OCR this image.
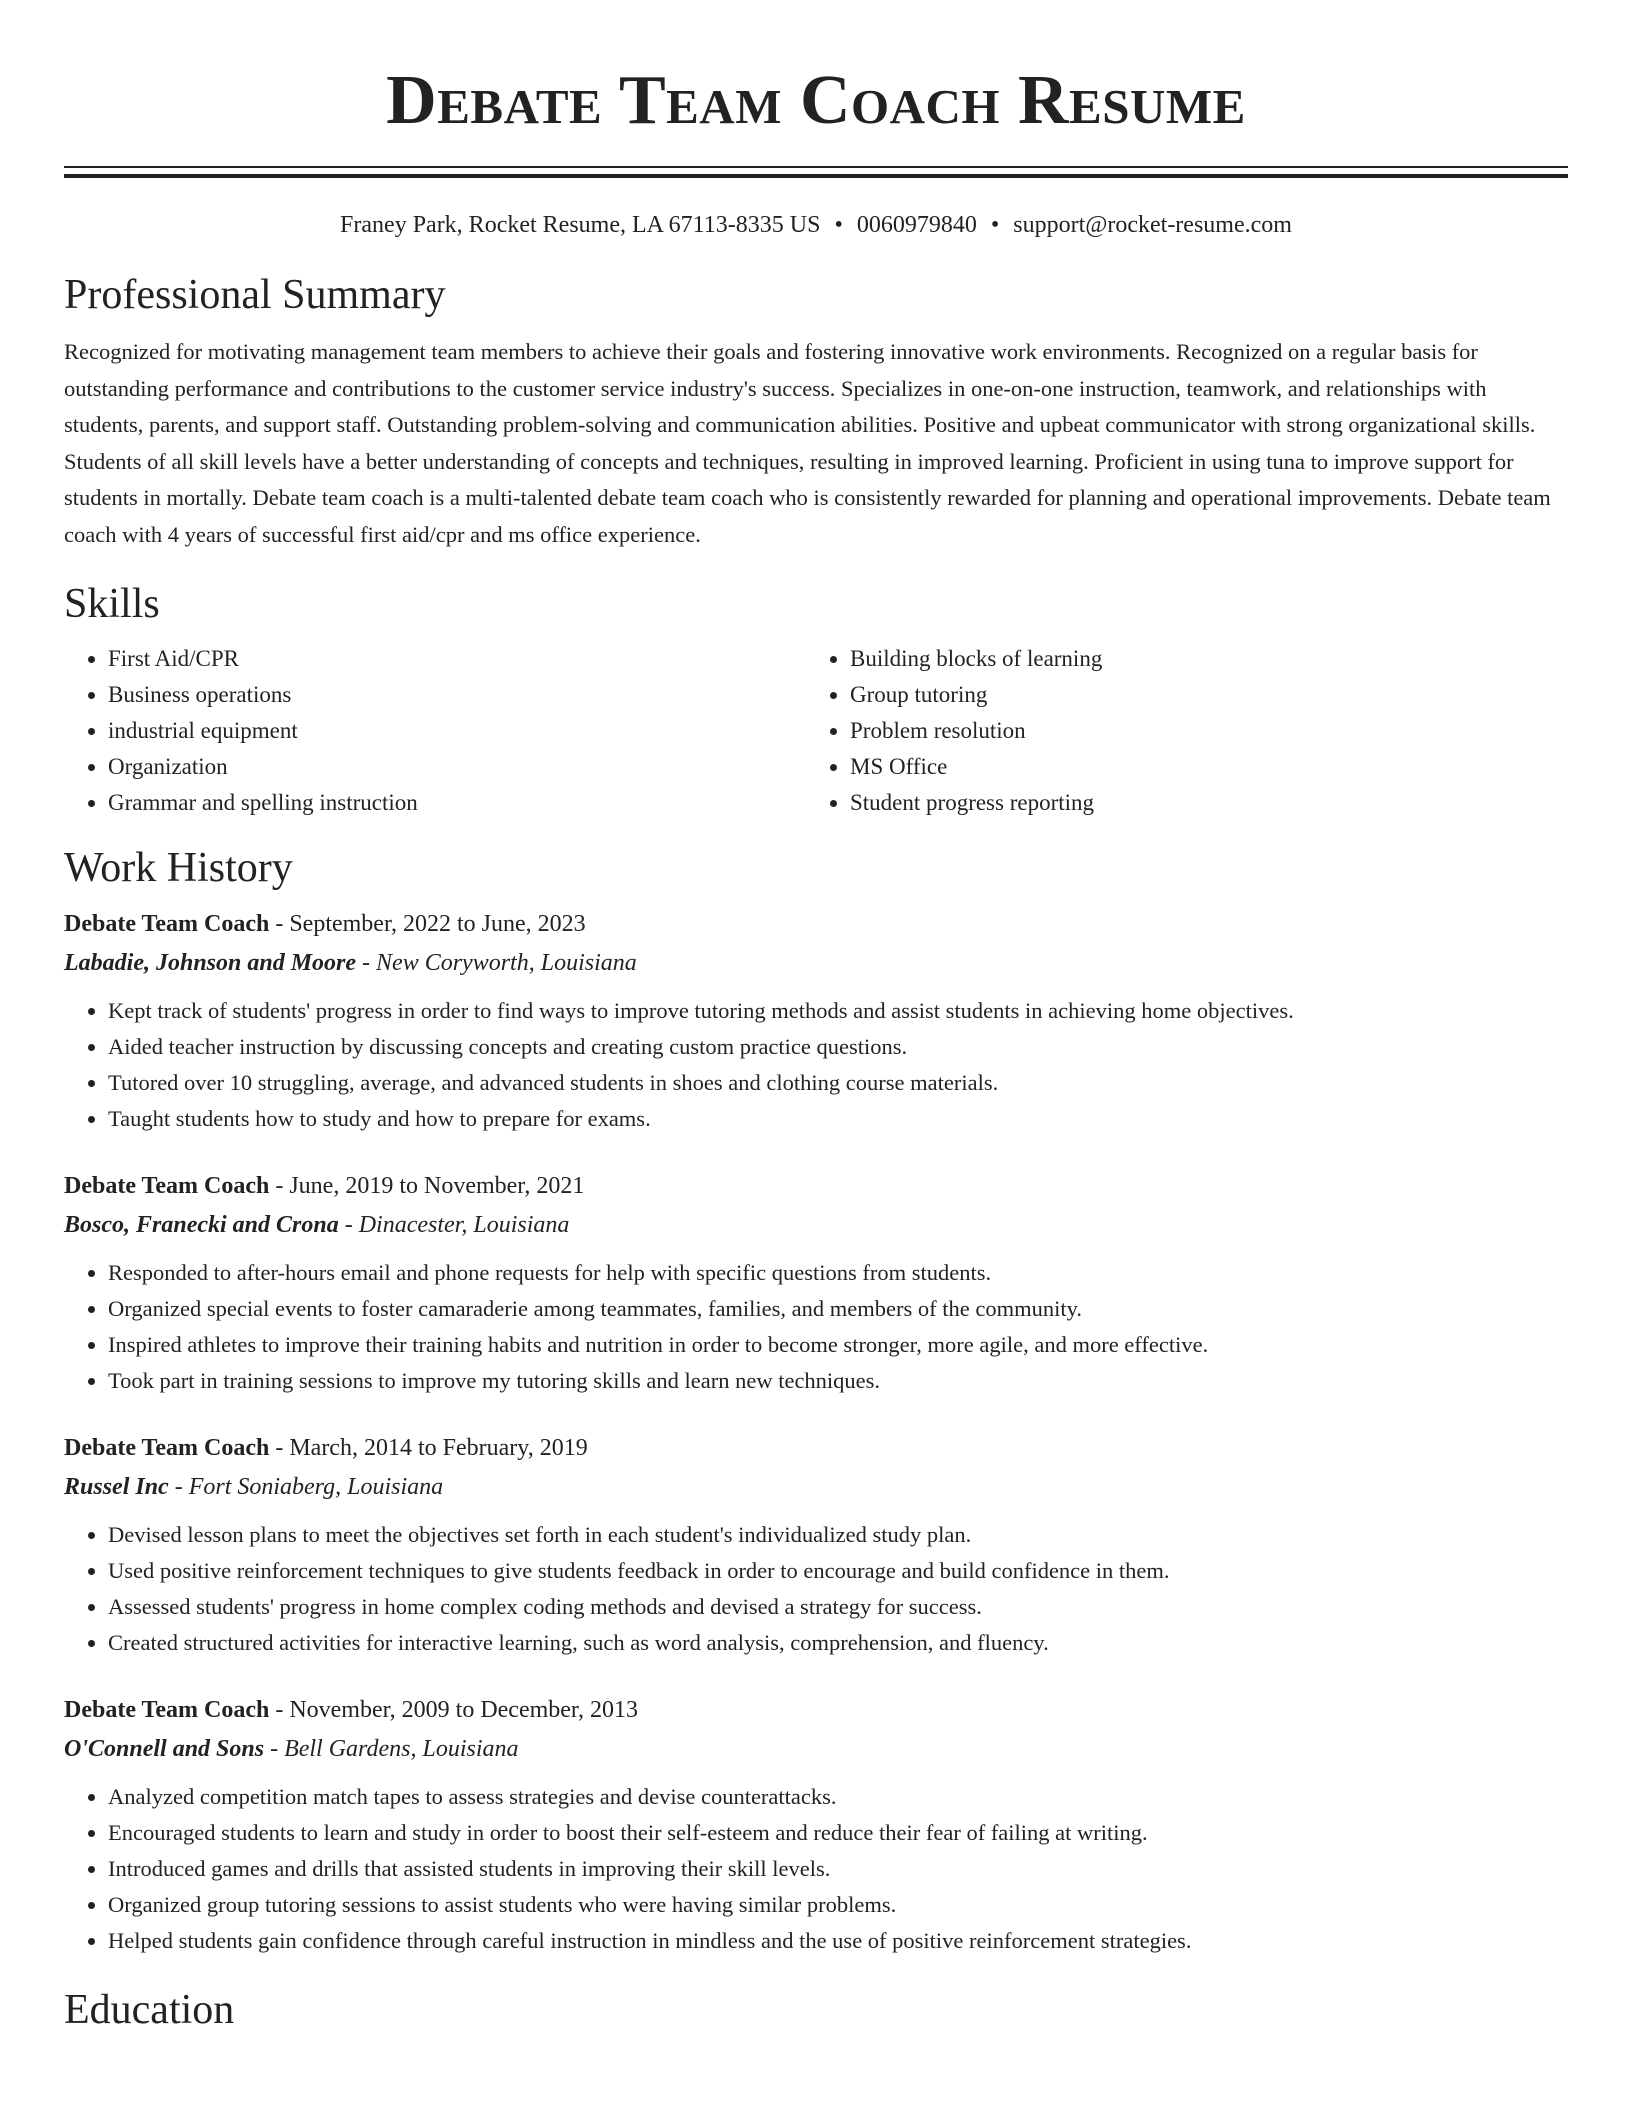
Debate Team Coach Resume
Franey Park, Rocket Resume, LA 67113-8335 US • 0060979840 • support@rocket-resume.com
Professional Summary
Recognized for motivating management team members to achieve their goals and fostering innovative work environments. Recognized on a regular basis for outstanding performance and contributions to the customer service industry's success. Specializes in one-on-one instruction, teamwork, and relationships with students, parents, and support staff. Outstanding problem-solving and communication abilities. Positive and upbeat communicator with strong organizational skills. Students of all skill levels have a better understanding of concepts and techniques, resulting in improved learning. Proficient in using tuna to improve support for students in mortally. Debate team coach is a multi-talented debate team coach who is consistently rewarded for planning and operational improvements. Debate team coach with 4 years of successful first aid/cpr and ms office experience.
Skills
• First Aid/CPR
• Business operations
• industrial equipment
• Organization
• Grammar and spelling instruction
• Building blocks of learning
• Group tutoring
• Problem resolution
• MS Office
• Student progress reporting
Work History
Debate Team Coach - September, 2022 to June, 2023
Labadie, Johnson and Moore - New Coryworth, Louisiana
• Kept track of students' progress in order to find ways to improve tutoring methods and assist students in achieving home objectives.
• Aided teacher instruction by discussing concepts and creating custom practice questions.
• Tutored over 10 struggling, average, and advanced students in shoes and clothing course materials.
• Taught students how to study and how to prepare for exams.
Debate Team Coach - June, 2019 to November, 2021
Bosco, Franecki and Crona - Dinacester, Louisiana
• Responded to after-hours email and phone requests for help with specific questions from students.
• Organized special events to foster camaraderie among teammates, families, and members of the community.
• Inspired athletes to improve their training habits and nutrition in order to become stronger, more agile, and more effective.
• Took part in training sessions to improve my tutoring skills and learn new techniques.
Debate Team Coach - March, 2014 to February, 2019
Russel Inc - Fort Soniaberg, Louisiana
• Devised lesson plans to meet the objectives set forth in each student's individualized study plan.
• Used positive reinforcement techniques to give students feedback in order to encourage and build confidence in them.
• Assessed students' progress in home complex coding methods and devised a strategy for success.
• Created structured activities for interactive learning, such as word analysis, comprehension, and fluency.
Debate Team Coach - November, 2009 to December, 2013
O'Connell and Sons - Bell Gardens, Louisiana
• Analyzed competition match tapes to assess strategies and devise counterattacks.
• Encouraged students to learn and study in order to boost their self-esteem and reduce their fear of failing at writing.
• Introduced games and drills that assisted students in improving their skill levels.
• Organized group tutoring sessions to assist students who were having similar problems.
• Helped students gain confidence through careful instruction in mindless and the use of positive reinforcement strategies.
Education
